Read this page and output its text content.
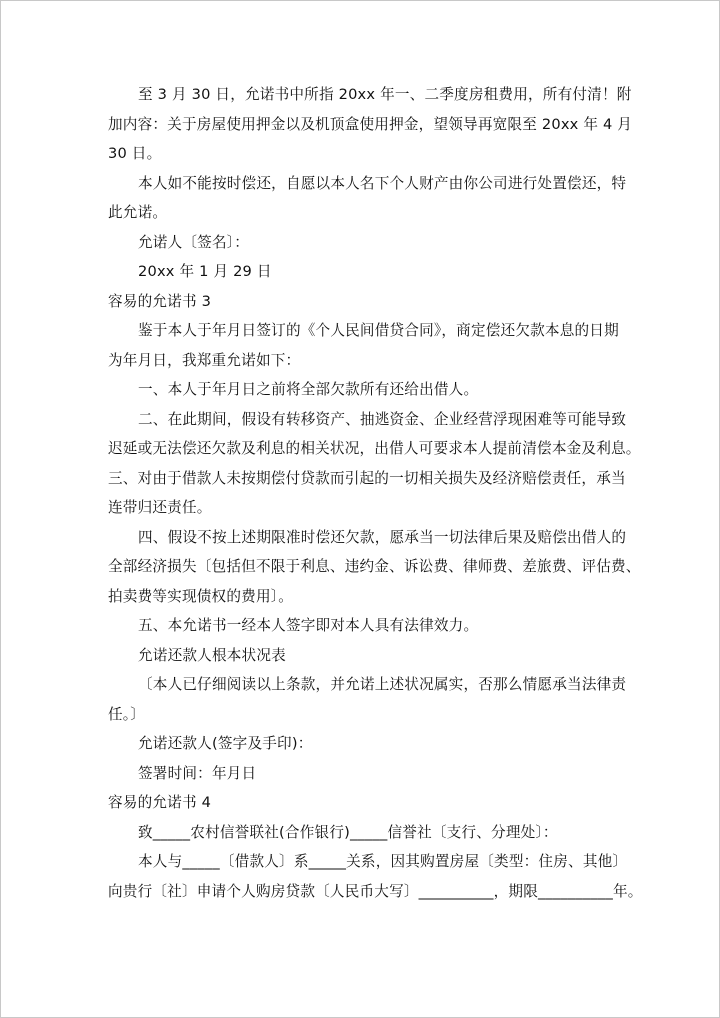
至 3 月 30 日，允诺书中所指 20xx 年一、二季度房租费用，所有付清！附
加内容：关于房屋使用押金以及机顶盒使用押金，望领导再宽限至 20xx 年 4 月
30 日。
本人如不能按时偿还，自愿以本人名下个人财产由你公司进行处置偿还，特
此允诺。
允诺人〔签名〕：
20xx 年 1 月 29 日
容易的允诺书 3
鉴于本人于年月日签订的《个人民间借贷合同》，商定偿还欠款本息的日期
为年月日，我郑重允诺如下：
一、本人于年月日之前将全部欠款所有还给出借人。
二、在此期间，假设有转移资产、抽逃资金、企业经营浮现困难等可能导致
迟延或无法偿还欠款及利息的相关状况，出借人可要求本人提前清偿本金及利息。
三、对由于借款人未按期偿付贷款而引起的一切相关损失及经济赔偿责任，承当
连带归还责任。
四、假设不按上述期限准时偿还欠款，愿承当一切法律后果及赔偿出借人的
全部经济损失〔包括但不限于利息、违约金、诉讼费、律师费、差旅费、评估费、
拍卖费等实现债权的费用〕。
五、本允诺书一经本人签字即对本人具有法律效力。
允诺还款人根本状况表
〔本人已仔细阅读以上条款，并允诺上述状况属实，否那么情愿承当法律责
任。〕
允诺还款人(签字及手印)：
签署时间：年月日
容易的允诺书 4
致_____农村信誉联社(合作银行)_____信誉社〔支行、分理处〕：
本人与_____〔借款人〕系_____关系，因其购置房屋〔类型：住房、其他〕
向贵行〔社〕申请个人购房贷款〔人民币大写〕__________，期限__________年。
